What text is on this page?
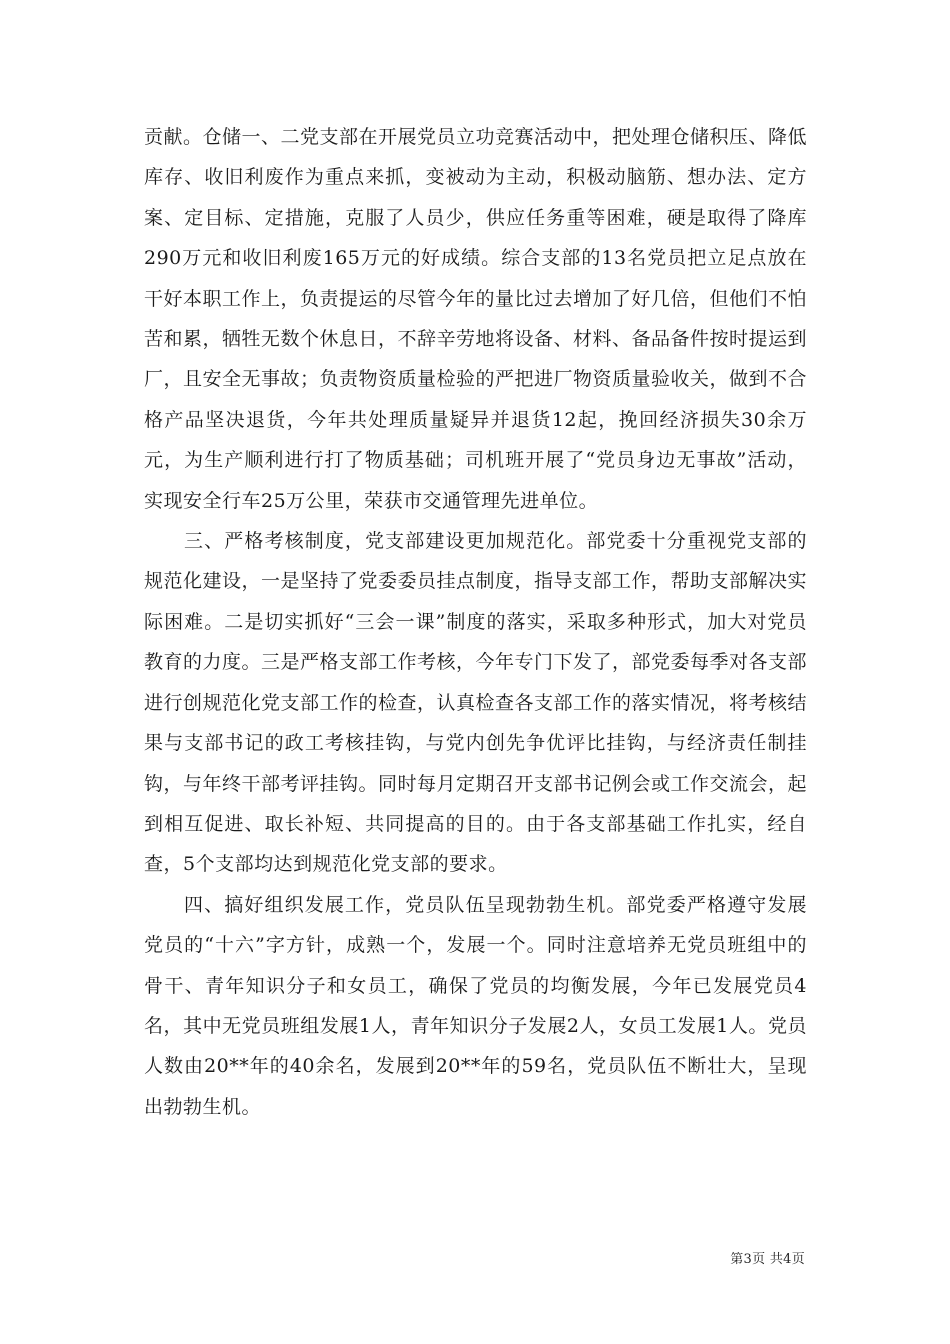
贡献。仓储一、二党支部在开展党员立功竞赛活动中，把处理仓储积压、降低库存、收旧利废作为重点来抓，变被动为主动，积极动脑筋、想办法、定方案、定目标、定措施，克服了人员少，供应任务重等困难，硬是取得了降库290万元和收旧利废165万元的好成绩。综合支部的13名党员把立足点放在干好本职工作上，负责提运的尽管今年的量比过去增加了好几倍，但他们不怕苦和累，牺牲无数个休息日，不辞辛劳地将设备、材料、备品备件按时提运到厂，且安全无事故；负责物资质量检验的严把进厂物资质量验收关，做到不合格产品坚决退货，今年共处理质量疑异并退货12起，挽回经济损失30余万元，为生产顺利进行打了物质基础；司机班开展了“党员身边无事故”活动，实现安全行车25万公里，荣获市交通管理先进单位。

三、严格考核制度，党支部建设更加规范化。部党委十分重视党支部的规范化建设，一是坚持了党委委员挂点制度，指导支部工作，帮助支部解决实际困难。二是切实抓好“三会一课”制度的落实，采取多种形式，加大对党员教育的力度。三是严格支部工作考核，今年专门下发了，部党委每季对各支部进行创规范化党支部工作的检查，认真检查各支部工作的落实情况，将考核结果与支部书记的政工考核挂钩，与党内创先争优评比挂钩，与经济责任制挂钩，与年终干部考评挂钩。同时每月定期召开支部书记例会或工作交流会，起到相互促进、取长补短、共同提高的目的。由于各支部基础工作扎实，经自查，5个支部均达到规范化党支部的要求。

四、搞好组织发展工作，党员队伍呈现勃勃生机。部党委严格遵守发展党员的“十六”字方针，成熟一个，发展一个。同时注意培养无党员班组中的骨干、青年知识分子和女员工，确保了党员的均衡发展，今年已发展党员4名，其中无党员班组发展1人，青年知识分子发展2人，女员工发展1人。党员人数由20**年的40余名，发展到20**年的59名，党员队伍不断壮大，呈现出勃勃生机。

第3页 共4页
